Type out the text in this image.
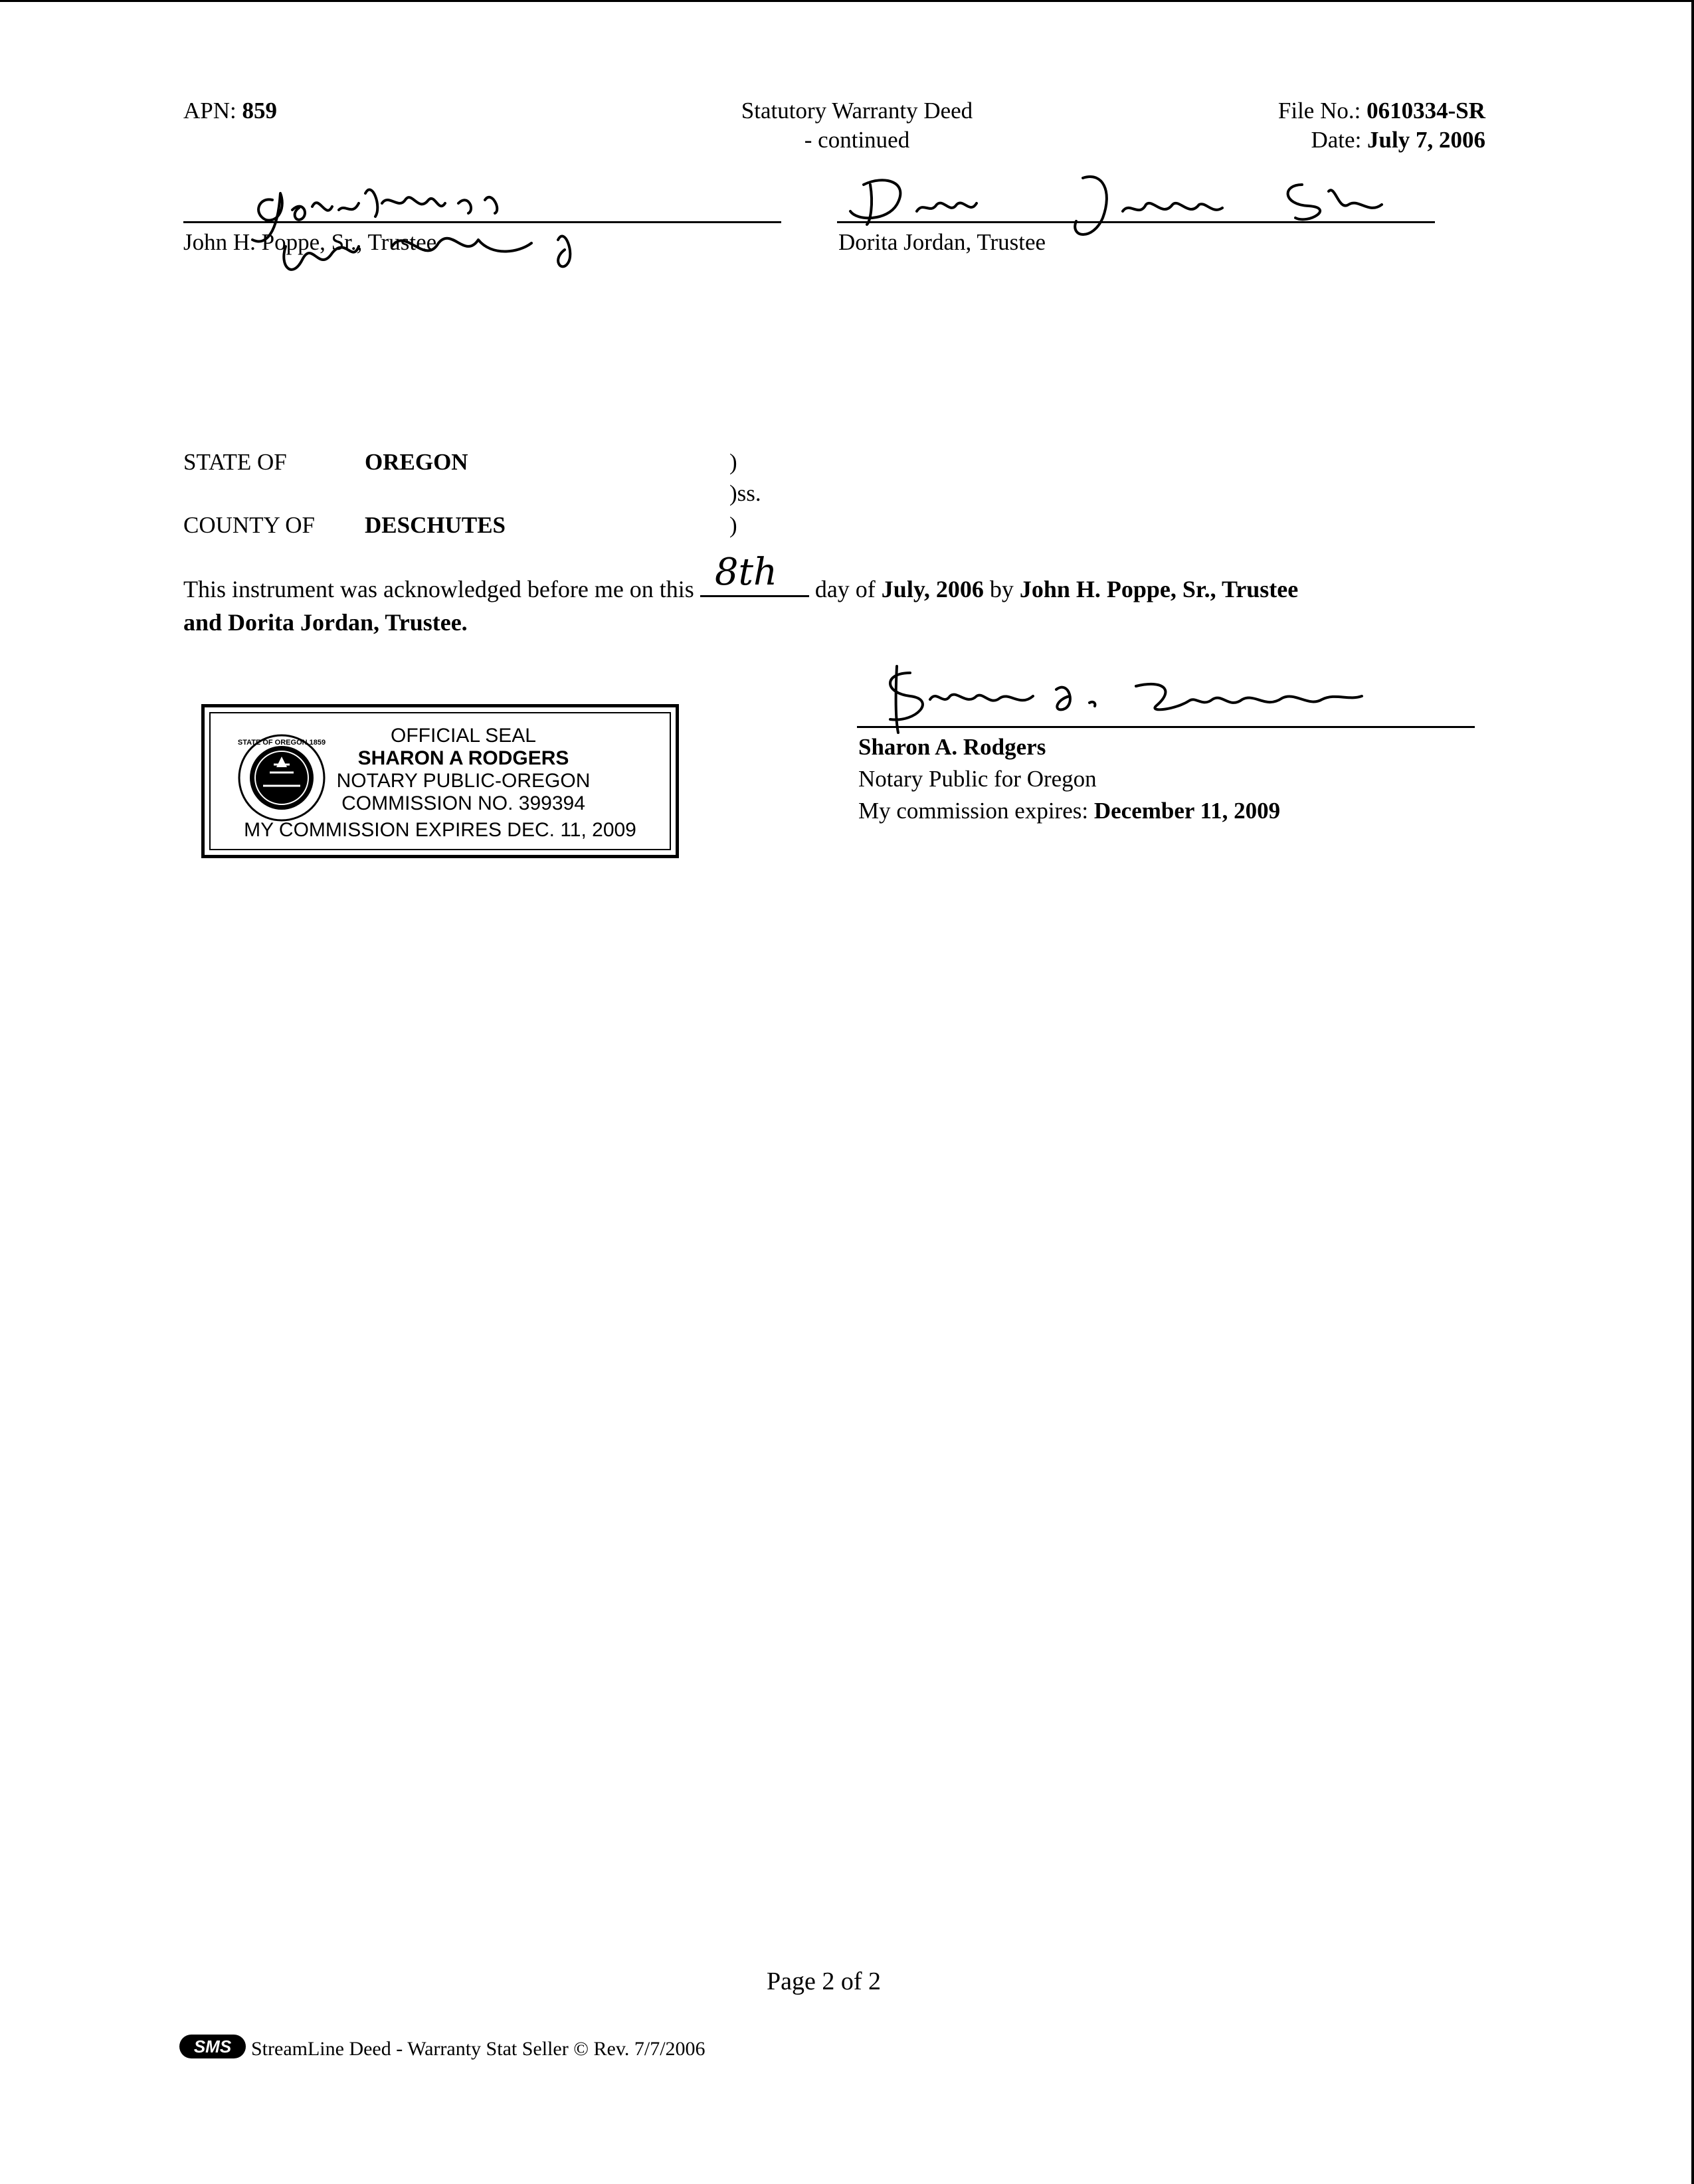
APN: 859	Statutory Warranty Deed
- continued
File No.: 0610334-SR
Date: July 7, 2006
John H. Poppe, Sr., Trustee	Dorita Jordan, Trustee
STATE OF	OREGON	)
)ss.
COUNTY OF DESCHUTES	)
This instrument was acknowledged before me on this 8th day of July, 2006 by John H. Poppe, Sr., Trustee
and Dorita Jordan, Trustee.
Sharon A. Rodgers
Notary Public for Oregon
My commission expires: December 11, 2009
STATE OF OREGON 1859	OFFICIAL SEAL
SHARON A RODGERS
NOTARY PUBLIC-OREGON
COMMISSION NO. 399394
MY COMMISSION EXPIRES DEC. 11, 2009
Page 2 of 2
SMS StreamLine Deed - Warranty Stat Seller © Rev. 7/7/2006
